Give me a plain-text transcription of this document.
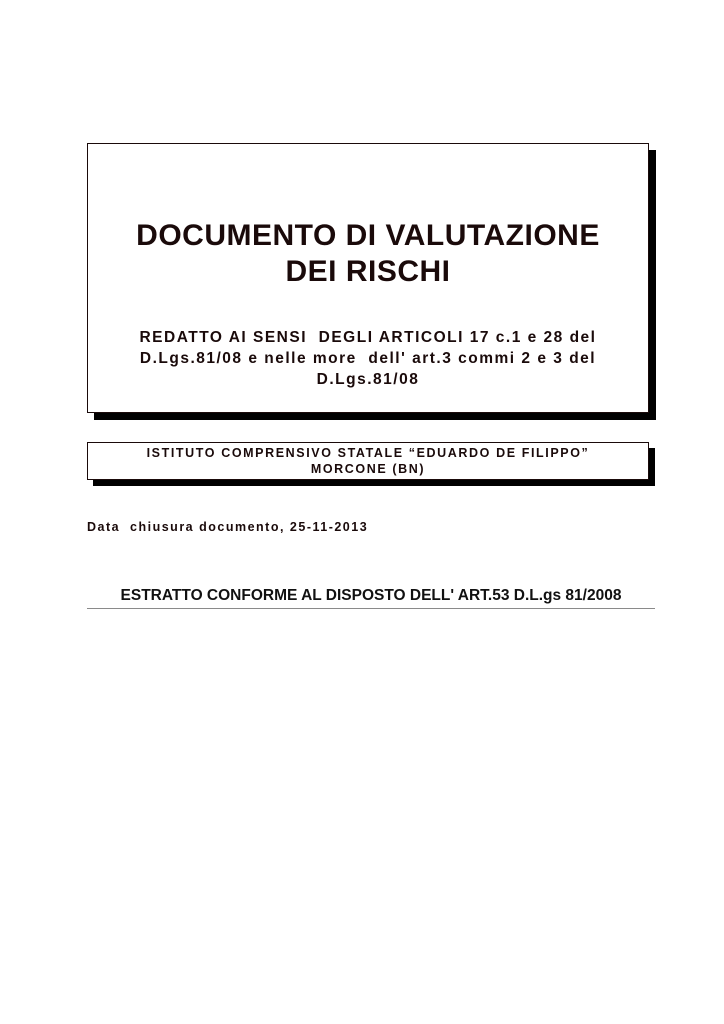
DOCUMENTO DI VALUTAZIONE
DEI RISCHI
REDATTO AI SENSI  DEGLI ARTICOLI 17 c.1 e 28 del
D.Lgs.81/08 e nelle more  dell' art.3 commi 2 e 3 del
D.Lgs.81/08
ISTITUTO COMPRENSIVO STATALE “EDUARDO DE FILIPPO”
MORCONE (BN)
Data  chiusura documento, 25-11-2013
ESTRATTO CONFORME AL DISPOSTO DELL' ART.53 D.L.gs 81/2008
